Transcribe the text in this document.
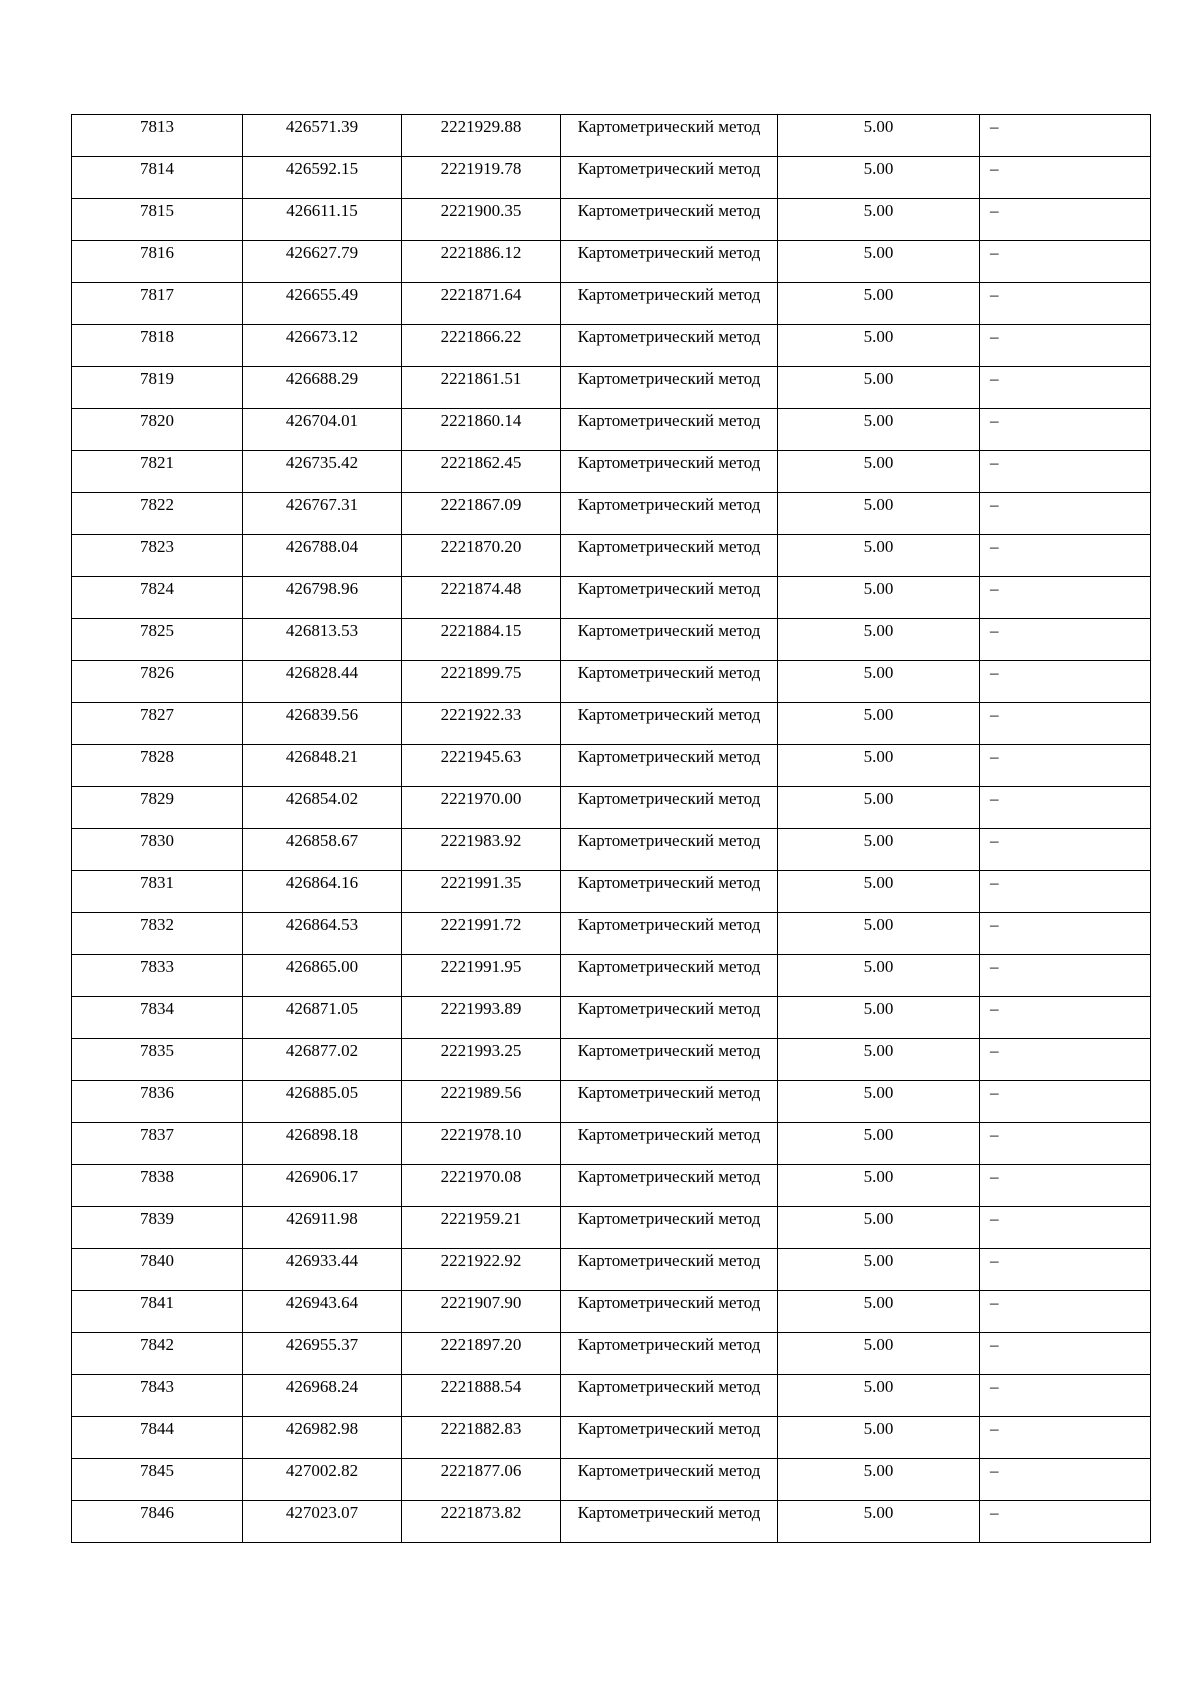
7813	426571.39	2221929.88	Картометрический метод	5.00	–

7814	426592.15	2221919.78	Картометрический метод	5.00	–

7815	426611.15	2221900.35	Картометрический метод	5.00	–

7816	426627.79	2221886.12	Картометрический метод	5.00	–

7817	426655.49	2221871.64	Картометрический метод	5.00	–

7818	426673.12	2221866.22	Картометрический метод	5.00	–

7819	426688.29	2221861.51	Картометрический метод	5.00	–

7820	426704.01	2221860.14	Картометрический метод	5.00	–

7821	426735.42	2221862.45	Картометрический метод	5.00	–

7822	426767.31	2221867.09	Картометрический метод	5.00	–

7823	426788.04	2221870.20	Картометрический метод	5.00	–

7824	426798.96	2221874.48	Картометрический метод	5.00	–

7825	426813.53	2221884.15	Картометрический метод	5.00	–

7826	426828.44	2221899.75	Картометрический метод	5.00	–

7827	426839.56	2221922.33	Картометрический метод	5.00	–

7828	426848.21	2221945.63	Картометрический метод	5.00	–

7829	426854.02	2221970.00	Картометрический метод	5.00	–

7830	426858.67	2221983.92	Картометрический метод	5.00	–

7831	426864.16	2221991.35	Картометрический метод	5.00	–

7832	426864.53	2221991.72	Картометрический метод	5.00	–

7833	426865.00	2221991.95	Картометрический метод	5.00	–

7834	426871.05	2221993.89	Картометрический метод	5.00	–

7835	426877.02	2221993.25	Картометрический метод	5.00	–

7836	426885.05	2221989.56	Картометрический метод	5.00	–

7837	426898.18	2221978.10	Картометрический метод	5.00	–

7838	426906.17	2221970.08	Картометрический метод	5.00	–

7839	426911.98	2221959.21	Картометрический метод	5.00	–

7840	426933.44	2221922.92	Картометрический метод	5.00	–

7841	426943.64	2221907.90	Картометрический метод	5.00	–

7842	426955.37	2221897.20	Картометрический метод	5.00	–

7843	426968.24	2221888.54	Картометрический метод	5.00	–

7844	426982.98	2221882.83	Картометрический метод	5.00	–

7845	427002.82	2221877.06	Картометрический метод	5.00	–

7846	427023.07	2221873.82	Картометрический метод	5.00	–
